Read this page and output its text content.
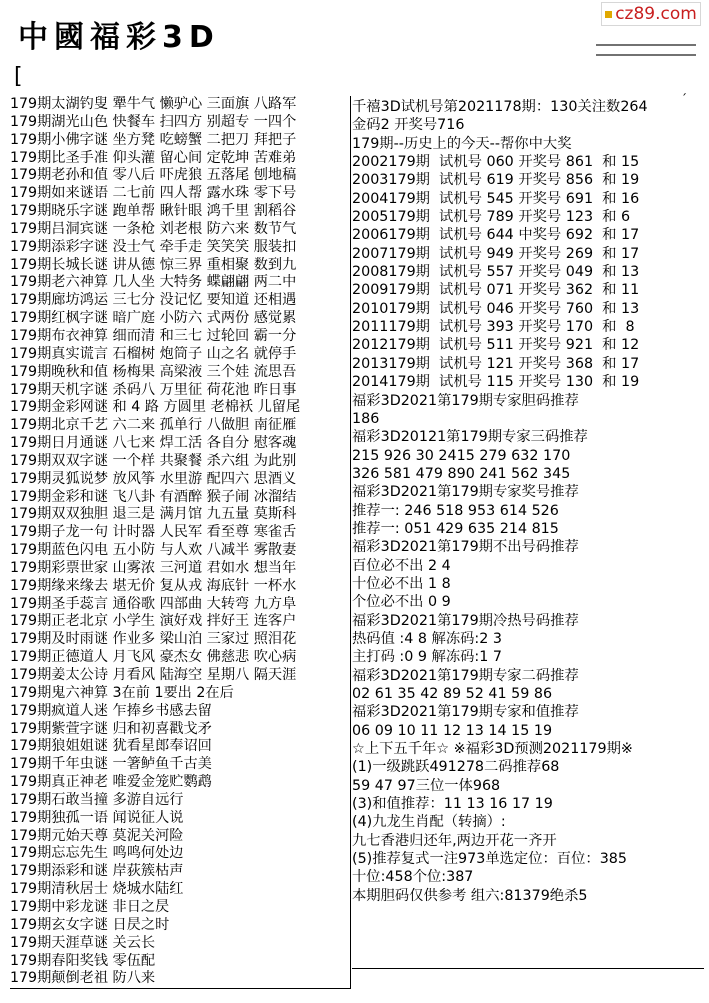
中國福彩3D
cz89.com
[
ˊ
179期太湖钓叟 犟牛气 懒驴心 三面旗 八路军
179期湖光山色 快餐车 扫四方 别超专 一四个
179期小佛字谜 坐方凳 吃螃蟹 二把刀 拜把子
179期比圣手准 仰头灌 留心间 定乾坤 苦难弟
179期老孙和值 零八后 吓虎狼 五落尾 刨地稿
179期如来谜语 二七前 四人帮 露水珠 零下号
179期晓乐字谜 跑单帮 瞅针眼 鸿千里 割稻谷
179期吕洞宾谜 一条枪 刘老根 防六来 数节气
179期添彩字谜 没士气 牵手走 笑笑笑 服装扣
179期长城长谜 讲从德 惊三界 重相聚 数到九
179期老六神算 几人坐 大特务 蝶翩翩 两二中
179期廊坊鸿运 三七分 没记忆 要知道 还相遇
179期红枫字谜 暗广庭 小防六 式两份 感觉累
179期布衣神算 细而清 和三七 过轮回 霸一分
179期真实谎言 石榴树 炮筒子 山之名 就停手
179期晚秋和值 杨梅果 高梁液 三个娃 流思吾
179期天机字谜 杀码八 万里征 荷花池 昨日事
179期金彩网谜 和 4 路 方圆里 老棉袄 儿留尾
179期北京千艺 六二来 孤单行 八做胆 南征雁
179期日月通谜 八七来 焊工活 各自分 慰客魂
179期双双字谜 一个样 共聚餐 杀六组 为此别
179期灵狐说梦 放风筝 水里游 配四六 思酒义
179期金彩和谜 飞八卦 有酒醉 猴子闹 冰溜结
179期双双独胆 退三是 满月馆 九五量 莫斯科
179期子龙一句 计时器 人民军 看至尊 寒雀舌
179期蓝色闪电 五小防 与人欢 八减半 雾散妻
179期彩票世家 山雾浓 三河道 君如水 想当年
179期缘来缘去 堪无价 复从戎 海底针 一杯水
179期圣手蕊言 通俗歌 四部曲 大转弯 九方阜
179期正老北京 小学生 演好戏 拌好王 连客户
179期及时雨谜 作业多 梁山泊 三家过 照泪花
179期正德道人 月飞风 豪杰女 佛慈悲 吹心病
179期姜太公诗 月看风 陆海空 星期八 隔天涯
179期鬼六神算 3在前 1要出 2在后
179期疯道人迷 乍捧乡书感去留
179期紫萱字谜 归和初喜戳戈矛
179期狼姐姐谜 犹看星郎奉诏回
179期千年虫谜 一箸鲈鱼千古美
179期真正神老 唯爱金笼贮鹦鹉
179期石敢当撞 多游自远行
179期独孤一语 闻说征人说
179期元始天尊 莫泥关河险
179期忘忘先生 鸣鸣何处边
179期添彩和谜 岸荻簇枯声
179期清秋居士 烧城水陆红
179期中彩龙谜 非日之昃
179期玄女字谜 日昃之时
179期天涯草谜 关云长
179期春阳奖钱 零伍配
179期颠倒老祖 防八来
千禧3D试机号第2021178期：130关注数264
金码2 开奖号716
179期--历史上的今天--帮你中大奖
2002179期  试机号 060 开奖号 861  和 15
2003179期  试机号 619 开奖号 856  和 19
2004179期  试机号 545 开奖号 691  和 16
2005179期  试机号 789 开奖号 123  和 6
2006179期  试机号 644 中奖号 692  和 17
2007179期  试机号 949 开奖号 269  和 17
2008179期  试机号 557 开奖号 049  和 13
2009179期  试机号 071 开奖号 362  和 11
2010179期  试机号 046 开奖号 760  和 13
2011179期  试机号 393 开奖号 170  和  8
2012179期  试机号 511 开奖号 921  和 12
2013179期  试机号 121 开奖号 368  和 17
2014179期  试机号 115 开奖号 130  和 19
福彩3D2021第179期专家胆码推荐
186
福彩3D20121第179期专家三码推荐
215 926 30 2415 279 632 170
326 581 479 890 241 562 345
福彩3D2021第179期专家奖号推荐
推荐一: 246 518 953 614 526
推荐一: 051 429 635 214 815
福彩3D2021第179期不出号码推荐
百位必不出 2 4
十位必不出 1 8
个位必不出 0 9
福彩3D2021第179期冷热号码推荐
热码值 :4 8 解冻码:2 3
主打码 :0 9 解冻码:1 7
福彩3D2021第179期专家二码推荐
02 61 35 42 89 52 41 59 86
福彩3D2021第179期专家和值推荐
06 09 10 11 12 13 14 15 19
☆上下五千年☆ ※福彩3D预测2021179期※
(1)一级跳跃491278二码推荐68
59 47 97三位一体968
(3)和值推荐：11 13 16 17 19
(4)九龙生肖配（转摘）:
九七香港归还年,两边开花一齐开
(5)推荐复式一注973单选定位：百位：385
十位:458个位:387
本期胆码仅供参考 组六:81379绝杀5
